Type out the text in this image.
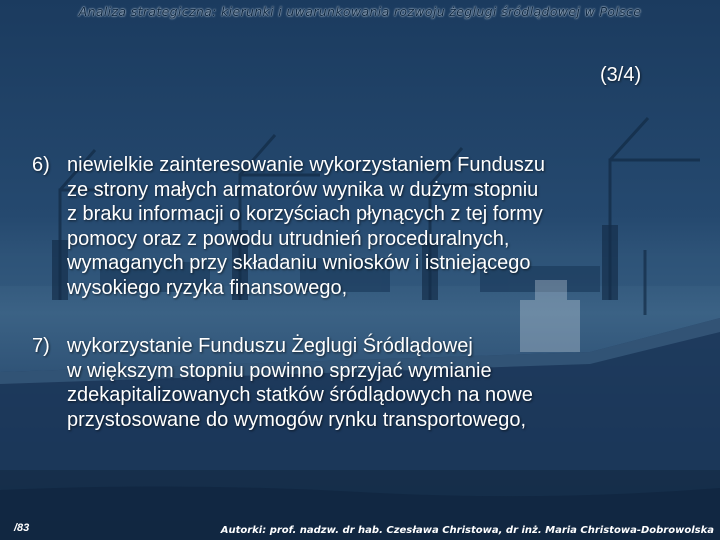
Analiza strategiczna: kierunki i uwarunkowania rozwoju żeglugi śródlądowej w Polsce
(3/4)
6) niewielkie zainteresowanie wykorzystaniem Funduszu
ze strony małych armatorów wynika w dużym stopniu
z braku informacji o korzyściach płynących z tej formy
pomocy oraz z powodu utrudnień proceduralnych,
wymaganych przy składaniu wniosków i istniejącego
wysokiego ryzyka finansowego,
7) wykorzystanie Funduszu Żeglugi Śródlądowej
w większym stopniu powinno sprzyjać wymianie
zdekapitalizowanych statków śródlądowych na nowe
przystosowane do wymogów rynku transportowego,
/83	Autorki: prof. nadzw. dr hab. Czesława Christowa, dr inż. Maria Christowa-Dobrowolska
